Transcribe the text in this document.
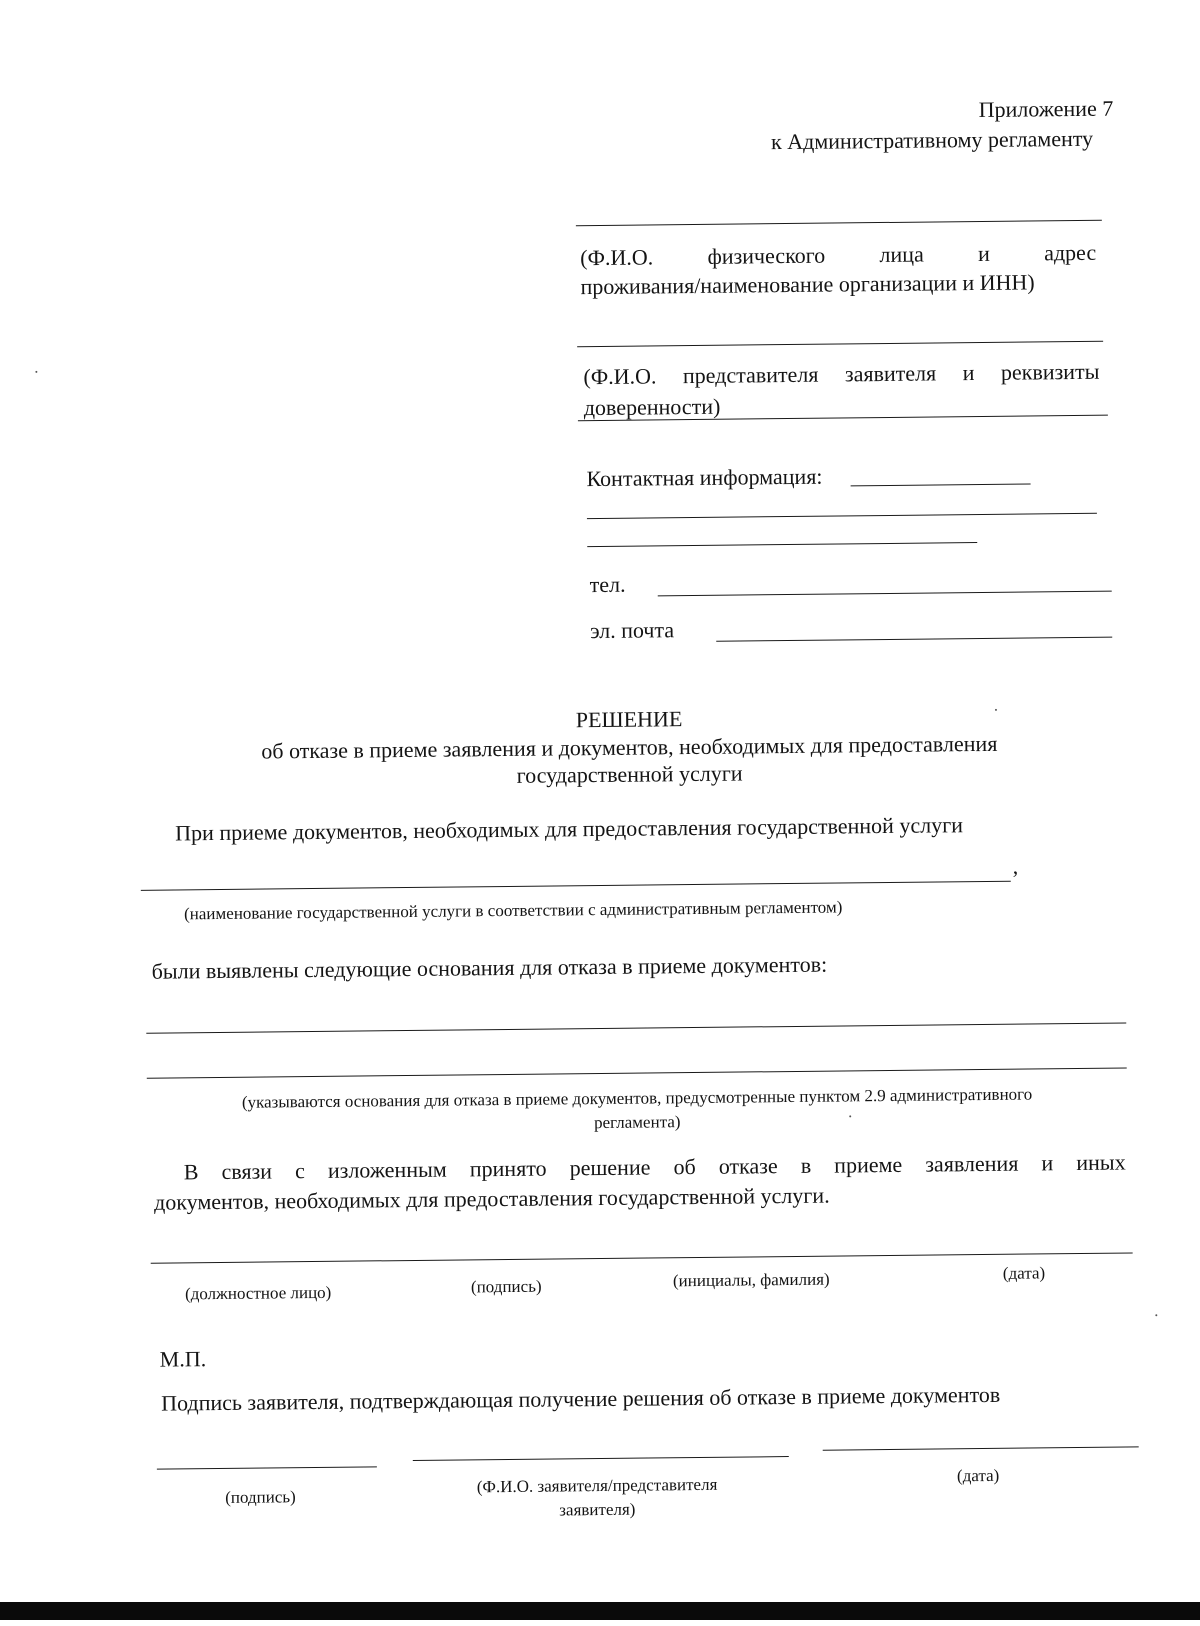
Приложение 7
к Административному регламенту
(Ф.И.О. физического лица и адрес
проживания/наименование организации и ИНН)
(Ф.И.О. представителя заявителя и реквизиты
доверенности)
Контактная информация:
тел.
эл. почта
РЕШЕНИЕ
об отказе в приеме заявления и документов, необходимых для предоставления
государственной услуги
При приеме документов, необходимых для предоставления государственной услуги
,
(наименование государственной услуги в соответствии с административным регламентом)
были выявлены следующие основания для отказа в приеме документов:
(указываются основания для отказа в приеме документов, предусмотренные пунктом 2.9 административного
регламента)
В связи с изложенным принято решение об отказе в приеме заявления и иных
документов, необходимых для предоставления государственной услуги.
(должностное лицо)	(подпись)	(инициалы, фамилия)	(дата)
М.П.
Подпись заявителя, подтверждающая получение решения об отказе в приеме документов
(подпись)
(Ф.И.О. заявителя/представителя
заявителя)
(дата)
